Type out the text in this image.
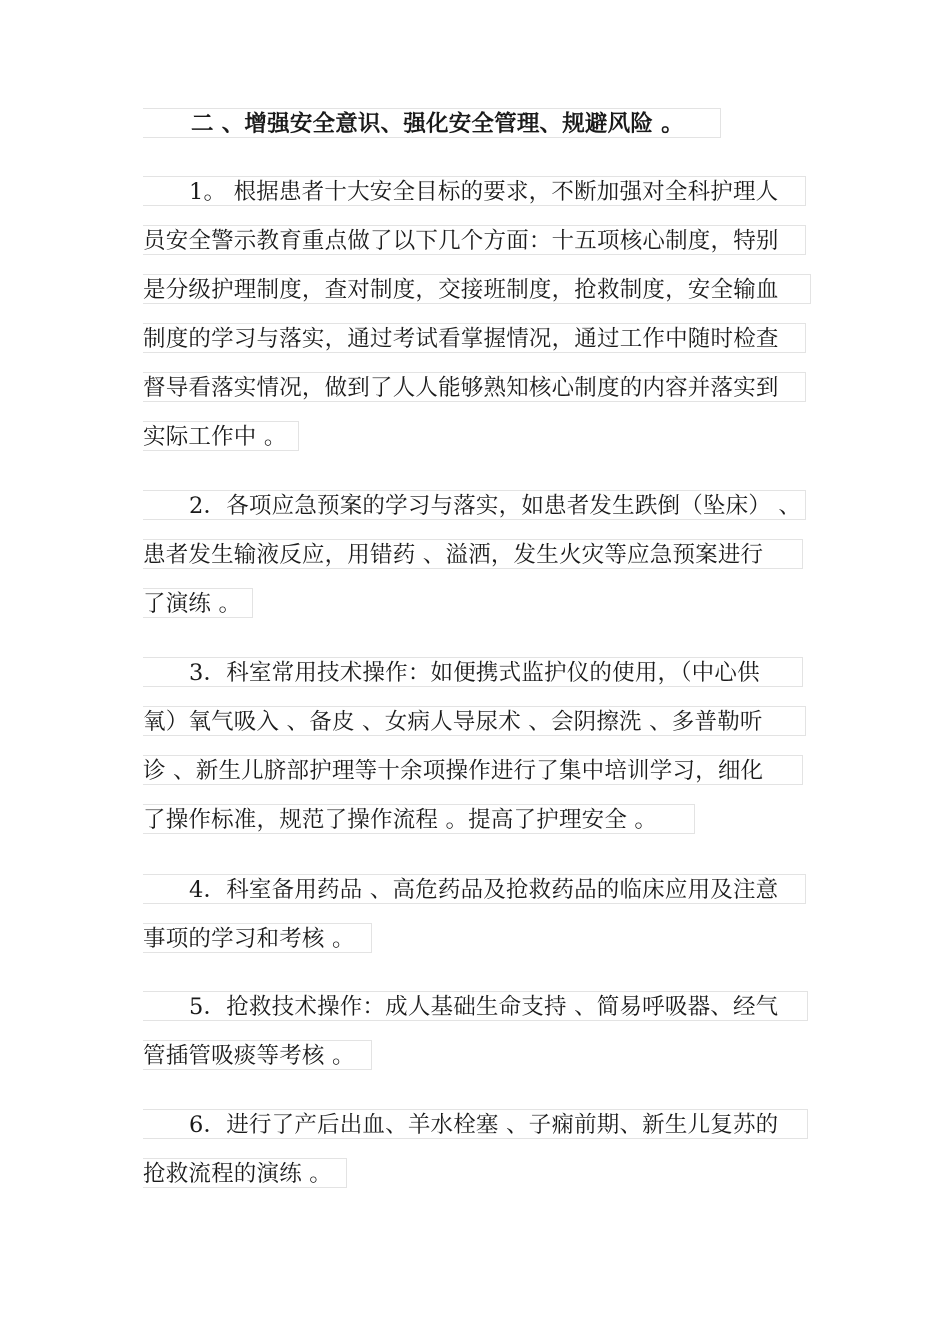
二 、增强安全意识、强化安全管理、规避风险 。
1。 根据患者十大安全目标的要求，不断加强对全科护理人
员安全警示教育重点做了以下几个方面：十五项核心制度，特别
是分级护理制度，查对制度，交接班制度，抢救制度，安全输血
制度的学习与落实，通过考试看掌握情况，通过工作中随时检查
督导看落实情况，做到了人人能够熟知核心制度的内容并落实到
实际工作中 。
2．各项应急预案的学习与落实，如患者发生跌倒（坠床） 、
患者发生输液反应，用错药 、溢洒，发生火灾等应急预案进行
了演练 。
3．科室常用技术操作：如便携式监护仪的使用，（中心供
氧）氧气吸入 、备皮 、女病人导尿术 、会阴擦洗 、多普勒听
诊 、新生儿脐部护理等十余项操作进行了集中培训学习，细化
了操作标准，规范了操作流程 。提高了护理安全 。
4．科室备用药品 、高危药品及抢救药品的临床应用及注意
事项的学习和考核 。
5．抢救技术操作：成人基础生命支持 、简易呼吸器、经气
管插管吸痰等考核 。
6．进行了产后出血、羊水栓塞 、子痫前期、新生儿复苏的
抢救流程的演练 。
